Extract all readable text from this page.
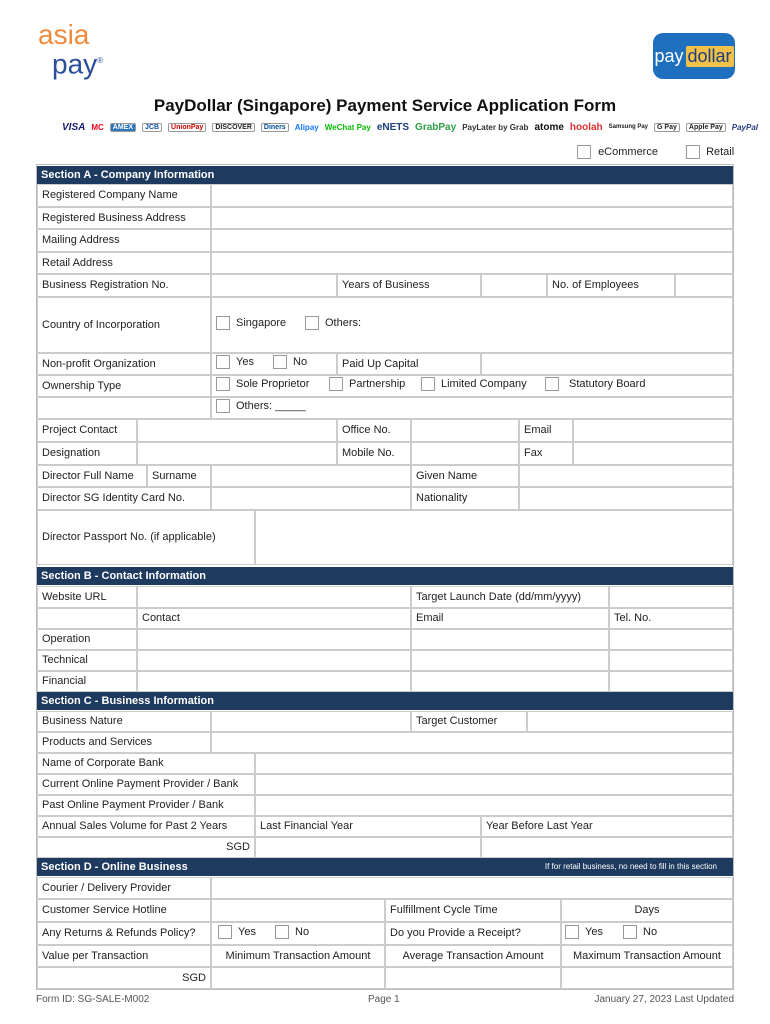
asia
pay®	pay dollar
PayDollar (Singapore) Payment Service Application Form
VISA MC	AMEX	JCB	UnionPay	DISCOVER	Diners	Alipay WeChat Pay eNETS GrabPay PayLater by Grab atome hoolah Samsung Pay	G Pay	Apple Pay	PayPal
eCommerce	Retail
Section A - Company Information
Registered Company Name
Registered Business Address
Mailing Address
Retail Address
Business Registration No.	Years of Business	No. of Employees
Country of Incorporation	Singapore	Others:
Non-profit Organization	Yes	No	Paid Up Capital
Ownership Type	Sole Proprietor	Partnership	Limited Company	Statutory Board
Others: _____
Project Contact	Office No.	Email
Designation	Mobile No.	Fax
Director Full Name	Surname	Given Name
Director SG Identity Card No.	Nationality
Director Passport No. (if applicable)
Section B - Contact Information
Website URL	Target Launch Date (dd/mm/yyyy)
Contact	Email	Tel. No.
Operation
Technical
Financial
Section C - Business Information
Business Nature	Target Customer
Products and Services
Name of Corporate Bank
Current Online Payment Provider / Bank
Past Online Payment Provider / Bank
Annual Sales Volume for Past 2 Years	Last Financial Year	Year Before Last Year
SGD
Section D - Online Business	If for retail business, no need to fill in this section
Courier / Delivery Provider
Customer Service Hotline	Fulfillment Cycle Time	Days
Any Returns & Refunds Policy?	Yes	No	Do you Provide a Receipt?	Yes	No
Value per Transaction	Minimum Transaction Amount	Average Transaction Amount	Maximum Transaction Amount
SGD
Form ID: SG-SALE-M002	Page 1	January 27, 2023 Last Updated
